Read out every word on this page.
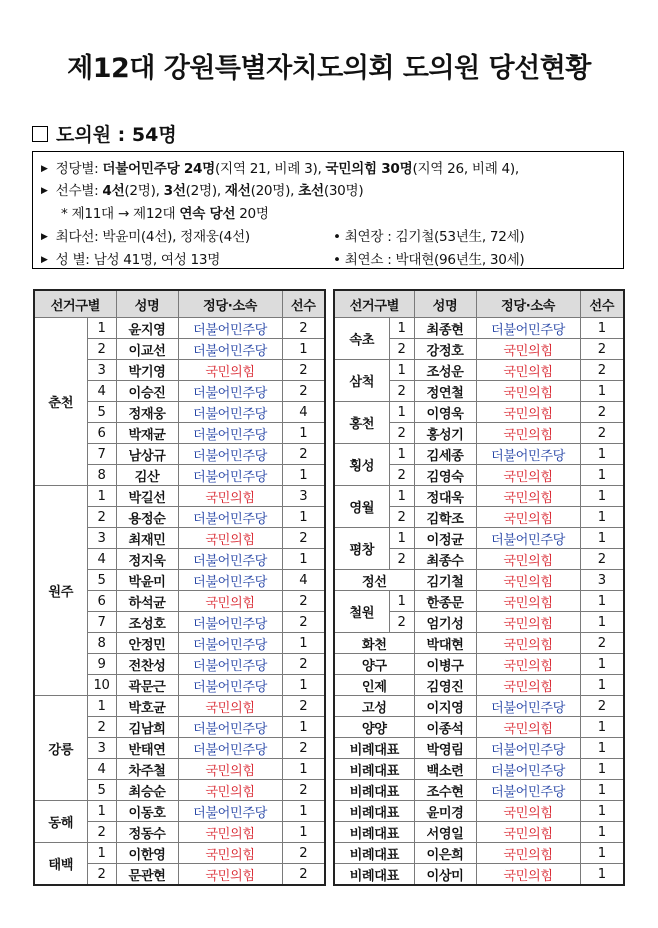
제12대 강원특별자치도의회 도의원 당선현황
도의원 : 54명
▶ 정당별: 더불어민주당 24명(지역 21, 비례 3), 국민의힘 30명(지역 26, 비례 4),
▶ 선수별: 4선(2명), 3선(2명), 재선(20명), 초선(30명)
* 제11대 → 제12대 연속 당선 20명
▶ 최다선: 박윤미(4선), 정재웅(4선)	• 최연장 : 김기철(53년生, 72세)
▶ 성 별: 남성 41명, 여성 13명	• 최연소 : 박대현(96년生, 30세)
선거구별		성명	정당·소속	선수
춘천	1	윤지영	더불어민주당	2
	2	이교선	더불어민주당	1
	3	박기영	국민의힘	2
	4	이승진	더불어민주당	2
	5	정재웅	더불어민주당	4
	6	박재균	더불어민주당	1
	7	남상규	더불어민주당	2
	8	김산	더불어민주당	1
원주	1	박길선	국민의힘	3
	2	용정순	더불어민주당	1
	3	최재민	국민의힘	2
	4	정지욱	더불어민주당	1
	5	박윤미	더불어민주당	4
	6	하석균	국민의힘	2
	7	조성호	더불어민주당	2
	8	안정민	더불어민주당	1
	9	전찬성	더불어민주당	2
	10	곽문근	더불어민주당	1
강릉	1	박호균	국민의힘	2
	2	김남희	더불어민주당	1
	3	반태연	더불어민주당	2
	4	차주철	국민의힘	1
	5	최승순	국민의힘	2
동해	1	이동호	더불어민주당	1
	2	정동수	국민의힘	1
태백	1	이한영	국민의힘	2
	2	문관현	국민의힘	2
선거구별		성명	정당·소속	선수
속초	1	최종현	더불어민주당	1
	2	강정호	국민의힘	2
삼척	1	조성운	국민의힘	2
	2	정연철	국민의힘	1
홍천	1	이영욱	국민의힘	2
	2	홍성기	국민의힘	2
횡성	1	김세종	더불어민주당	1
	2	김영숙	국민의힘	1
영월	1	정대욱	국민의힘	1
	2	김학조	국민의힘	1
평창	1	이정균	더불어민주당	1
	2	최종수	국민의힘	2
정선		김기철	국민의힘	3
철원	1	한종문	국민의힘	1
	2	엄기성	국민의힘	1
화천		박대현	국민의힘	2
양구		이병구	국민의힘	1
인제		김영진	국민의힘	1
고성		이지영	더불어민주당	2
양양		이종석	국민의힘	1
비례대표		박영림	더불어민주당	1
비례대표		백소련	더불어민주당	1
비례대표		조수현	더불어민주당	1
비례대표		윤미경	국민의힘	1
비례대표		서영일	국민의힘	1
비례대표		이은희	국민의힘	1
비례대표		이상미	국민의힘	1
